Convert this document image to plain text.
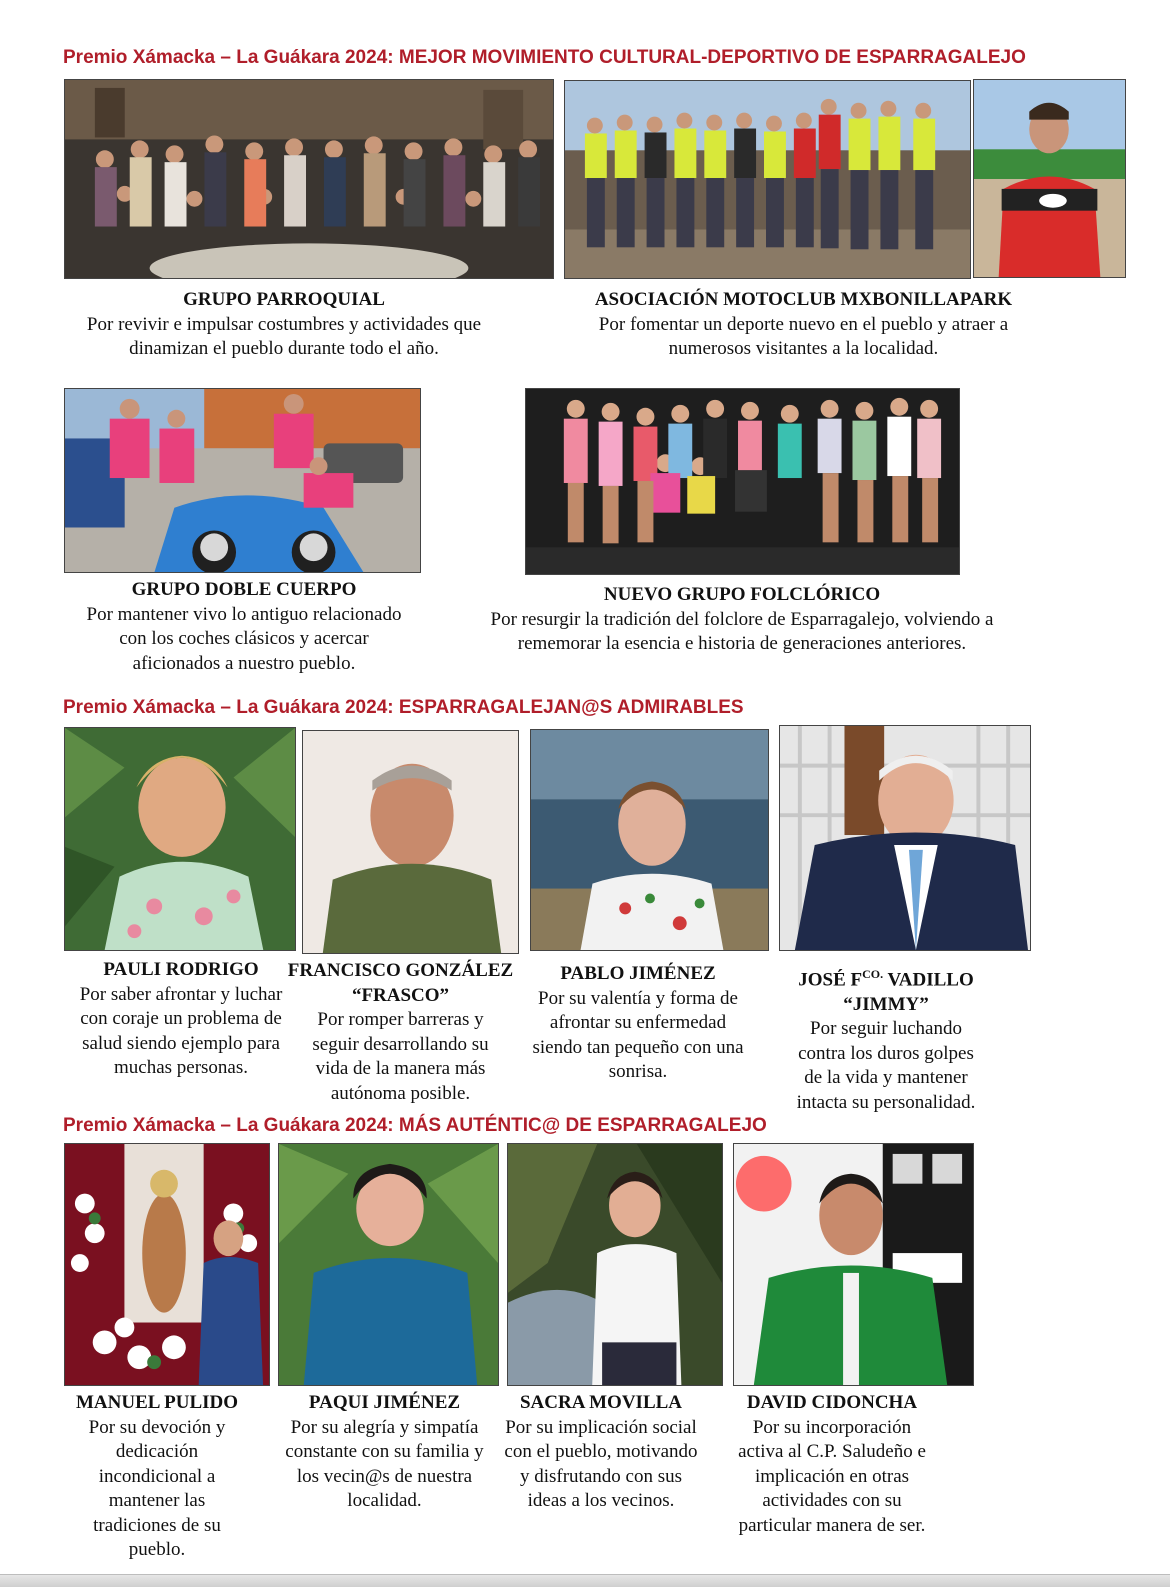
Premio Xámacka – La Guákara 2024: MEJOR MOVIMIENTO CULTURAL-DEPORTIVO DE ESPARRAGALEJO
GRUPO PARROQUIAL
Por revivir e impulsar costumbres y actividades que dinamizan el pueblo durante todo el año.
ASOCIACIÓN MOTOCLUB MXBONILLAPARK
Por fomentar un deporte nuevo en el pueblo y atraer a numerosos visitantes a la localidad.
GRUPO DOBLE CUERPO
Por mantener vivo lo antiguo relacionado con los coches clásicos y acercar aficionados a nuestro pueblo.
NUEVO GRUPO FOLCLÓRICO
Por resurgir la tradición del folclore de Esparragalejo, volviendo a rememorar la esencia e historia de generaciones anteriores.
Premio Xámacka – La Guákara 2024: ESPARRAGALEJAN@S ADMIRABLES
PAULI RODRIGO
Por saber afrontar y luchar con coraje un problema de salud siendo ejemplo para muchas personas.
FRANCISCO GONZÁLEZ “FRASCO”
Por romper barreras y seguir desarrollando su vida de la manera más autónoma posible.
PABLO JIMÉNEZ
Por su valentía y forma de afrontar su enfermedad siendo tan pequeño con una sonrisa.
JOSÉ $F^{CO.}$ VADILLO “JIMMY”
Por seguir luchando contra los duros golpes de la vida y mantener intacta su personalidad.
Premio Xámacka – La Guákara 2024: MÁS AUTÉNTIC@ DE ESPARRAGALEJO
MANUEL PULIDO
Por su devoción y dedicación incondicional a mantener las tradiciones de su pueblo.
PAQUI JIMÉNEZ
Por su alegría y simpatía constante con su familia y los vecin@s de nuestra localidad.
SACRA MOVILLA
Por su implicación social con el pueblo, motivando y disfrutando con sus ideas a los vecinos.
DAVID CIDONCHA
Por su incorporación activa al C.P. Saludeño e implicación en otras actividades con su particular manera de ser.
